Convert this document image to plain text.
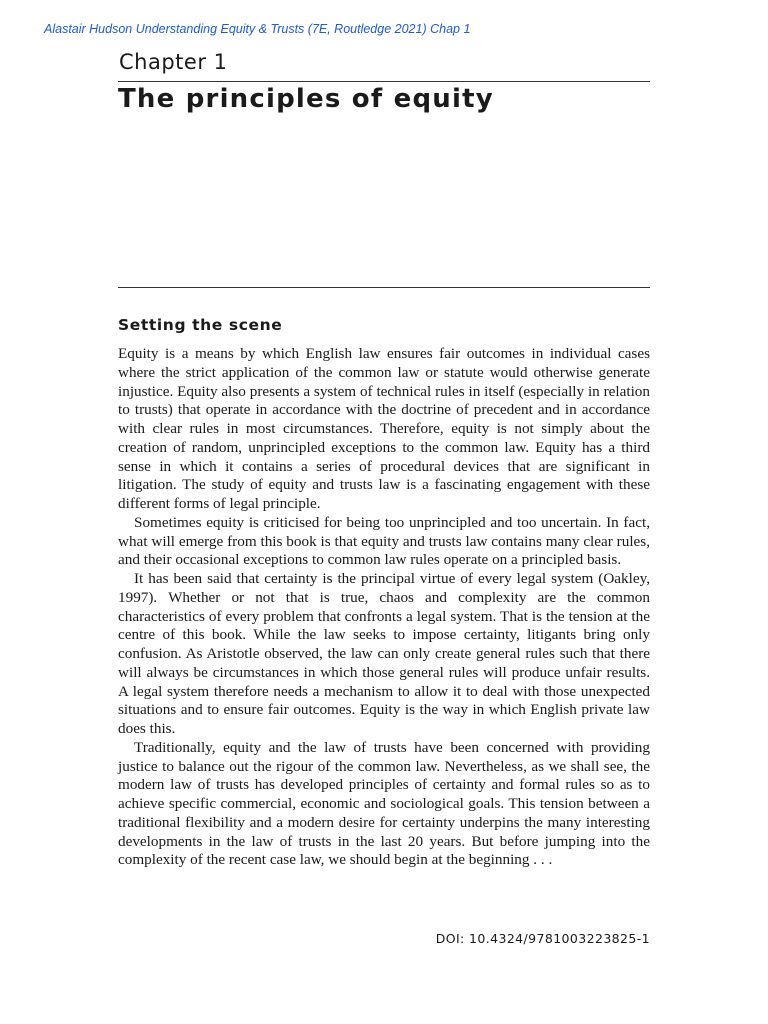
Alastair Hudson Understanding Equity & Trusts (7E, Routledge 2021) Chap 1
Chapter 1
The principles of equity
Setting the scene

Equity is a means by which English law ensures fair outcomes in individual cases where the strict application of the common law or statute would otherwise generate injustice. Equity also presents a system of technical rules in itself (especially in relation to trusts) that operate in accordance with the doctrine of precedent and in accordance with clear rules in most circumstances. Therefore, equity is not simply about the creation of random, unprincipled exceptions to the common law. Equity has a third sense in which it contains a series of procedural devices that are significant in litigation. The study of equity and trusts law is a fascinating engagement with these different forms of legal principle.

Sometimes equity is criticised for being too unprincipled and too uncertain. In fact, what will emerge from this book is that equity and trusts law contains many clear rules, and their occasional exceptions to common law rules operate on a principled basis.

It has been said that certainty is the principal virtue of every legal system (Oakley, 1997). Whether or not that is true, chaos and complexity are the common characteristics of every problem that confronts a legal system. That is the tension at the centre of this book. While the law seeks to impose certainty, litigants bring only confusion. As Aristotle observed, the law can only create general rules such that there will always be circumstances in which those general rules will produce unfair results. A legal system therefore needs a mechanism to allow it to deal with those unexpected situations and to ensure fair outcomes. Equity is the way in which English private law does this.

Traditionally, equity and the law of trusts have been concerned with providing justice to balance out the rigour of the common law. Nevertheless, as we shall see, the modern law of trusts has developed principles of certainty and formal rules so as to achieve specific commercial, economic and sociological goals. This tension between a traditional flexibility and a modern desire for certainty underpins the many interesting developments in the law of trusts in the last 20 years. But before jumping into the complexity of the recent case law, we should begin at the beginning . . .

DOI: 10.4324/9781003223825-1
